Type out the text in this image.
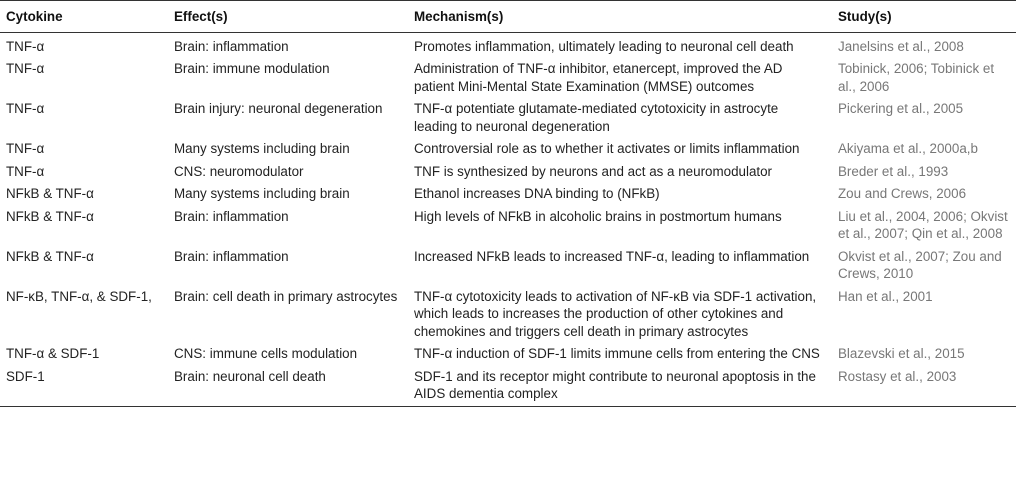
Cytokine	Effect(s)	Mechanism(s)	Study(s)
TNF-α	Brain: inflammation	Promotes inflammation, ultimately leading to neuronal cell death	Janelsins et al., 2008
TNF-α	Brain: immune modulation	Administration of TNF-α inhibitor, etanercept, improved the AD patient Mini-Mental State Examination (MMSE) outcomes	Tobinick, 2006; Tobinick et al., 2006
TNF-α	Brain injury: neuronal degeneration	TNF-α potentiate glutamate-mediated cytotoxicity in astrocyte leading to neuronal degeneration	Pickering et al., 2005
TNF-α	Many systems including brain	Controversial role as to whether it activates or limits inflammation	Akiyama et al., 2000a,b
TNF-α	CNS: neuromodulator	TNF is synthesized by neurons and act as a neuromodulator	Breder et al., 1993
NFkB & TNF-α	Many systems including brain	Ethanol increases DNA binding to (NFkB)	Zou and Crews, 2006
NFkB & TNF-α	Brain: inflammation	High levels of NFkB in alcoholic brains in postmortum humans	Liu et al., 2004, 2006; Okvist et al., 2007; Qin et al., 2008
NFkB & TNF-α	Brain: inflammation	Increased NFkB leads to increased TNF-α, leading to inflammation	Okvist et al., 2007; Zou and Crews, 2010
NF-κB, TNF-α, & SDF-1,	Brain: cell death in primary astrocytes	TNF-α cytotoxicity leads to activation of NF-κB via SDF-1 activation, which leads to increases the production of other cytokines and chemokines and triggers cell death in primary astrocytes	Han et al., 2001
TNF-α & SDF-1	CNS: immune cells modulation	TNF-α induction of SDF-1 limits immune cells from entering the CNS	Blazevski et al., 2015
SDF-1	Brain: neuronal cell death	SDF-1 and its receptor might contribute to neuronal apoptosis in the AIDS dementia complex	Rostasy et al., 2003
